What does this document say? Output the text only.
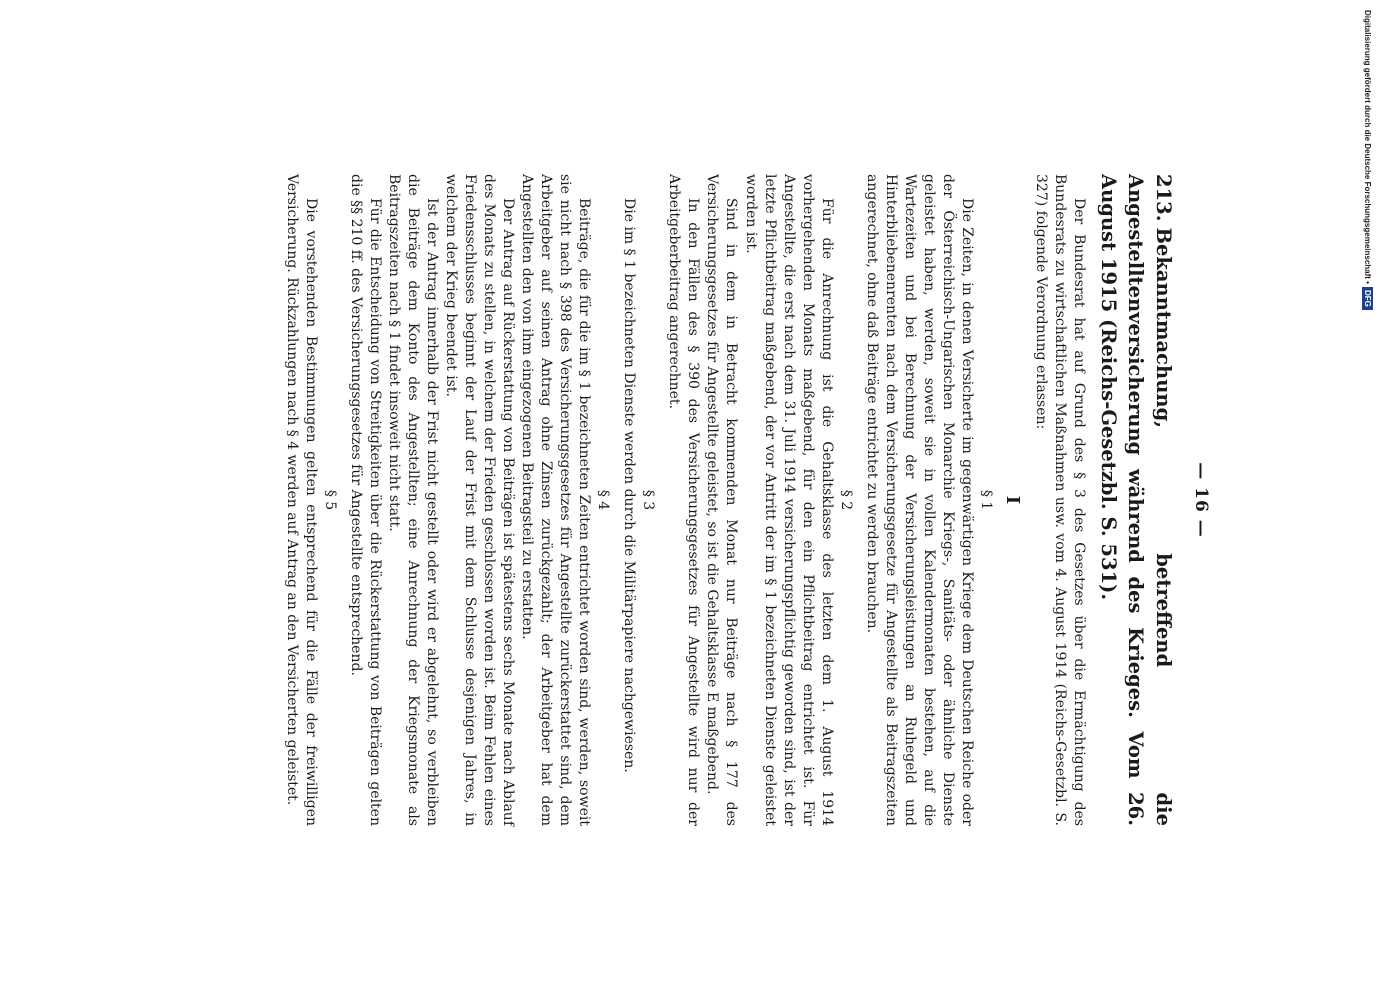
— 16 —
213.Bekanntmachung, betreffend die Angestelltenversicherung während des Krieges. Vom 26. August 1915 (Reichs-Gesetzbl. S. 531).

Der Bundesrat hat auf Grund des § 3 des Gesetzes über die Ermächtigung des Bundesrats zu wirtschaftlichen Maßnahmen usw. vom 4. August 1914 (Reichs-Gesetzbl. S. 327) folgende Verordnung erlassen:

I
§ 1

Die Zeiten, in denen Versicherte im gegenwärtigen Kriege dem Deutschen Reiche oder der Österreichisch-Ungarischen Monarchie Kriegs-, Sanitäts- oder ähnliche Dienste geleistet haben, werden, soweit sie in vollen Kalendermonaten bestehen, auf die Wartezeiten und bei Berechnung der Versicherungsleistungen an Ruhegeld und Hinterbliebenenrenten nach dem Versicherungsgesetze für Angestellte als Beitragszeiten angerechnet, ohne daß Beiträge entrichtet zu werden brauchen.

§ 2

Für die Anrechnung ist die Gehaltsklasse des letzten dem 1. August 1914 vorhergehenden Monats maßgebend, für den ein Pflichtbeitrag entrichtet ist. Für Angestellte, die erst nach dem 31. Juli 1914 versicherungspflichtig geworden sind, ist der letzte Pflichtbeitrag maßgebend, der vor Antritt der im § 1 bezeichneten Dienste geleistet worden ist.

Sind in dem in Betracht kommenden Monat nur Beiträge nach § 177 des Versicherungsgesetzes für Angestellte geleistet, so ist die Gehaltsklasse E maßgebend.

In den Fällen des § 390 des Versicherungsgesetzes für Angestellte wird nur der Arbeitgeberbeitrag angerechnet.

§ 3

Die im § 1 bezeichneten Dienste werden durch die Militärpapiere nachgewiesen.

§ 4

Beiträge, die für die im § 1 bezeichneten Zeiten entrichtet worden sind, werden, soweit sie nicht nach § 398 des Versicherungsgesetzes für Angestellte zurückerstattet sind, dem Arbeitgeber auf seinen Antrag ohne Zinsen zurückgezahlt; der Arbeitgeber hat dem Angestellten den von ihm eingezogenen Beitragsteil zu erstatten.

Der Antrag auf Rückerstattung von Beiträgen ist spätestens sechs Monate nach Ablauf des Monats zu stellen, in welchem der Frieden geschlossen worden ist. Beim Fehlen eines Friedensschlusses beginnt der Lauf der Frist mit dem Schlusse desjenigen Jahres, in welchem der Krieg beendet ist.

Ist der Antrag innerhalb der Frist nicht gestellt oder wird er abgelehnt, so verbleiben die Beiträge dem Konto des Angestellten; eine Anrechnung der Kriegsmonate als Beitragszeiten nach § 1 findet insoweit nicht statt.

Für die Entscheidung von Streitigkeiten über die Rückerstattung von Beiträgen gelten die §§ 210 ff. des Versicherungsgesetzes für Angestellte entsprechend.

§ 5

Die vorstehenden Bestimmungen gelten entsprechend für die Fälle der freiwilligen Versicherung. Rückzahlungen nach § 4 werden auf Antrag an den Versicherten geleistet.

Digitalisierung gefördert durch die Deutsche Forschungsgemeinschaft •
DFG
